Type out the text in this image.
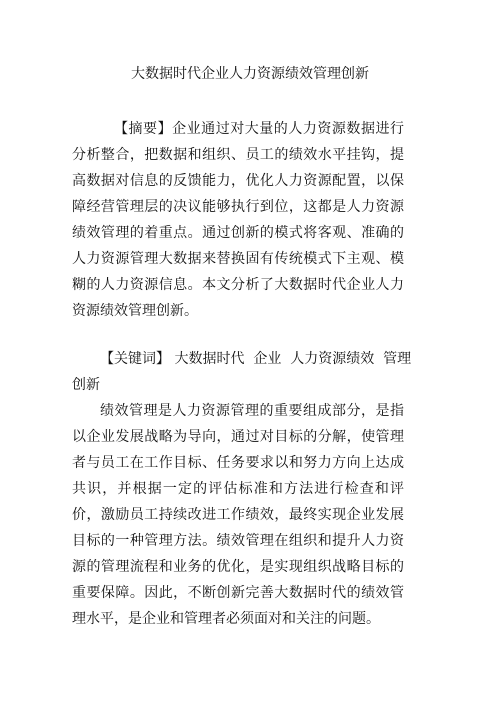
大数据时代企业人力资源绩效管理创新
【摘要】企业通过对大量的人力资源数据进行分析整合，把数据和组织、员工的绩效水平挂钩，提高数据对信息的反馈能力，优化人力资源配置，以保障经营管理层的决议能够执行到位，这都是人力资源绩效管理的着重点。通过创新的模式将客观、准确的人力资源管理大数据来替换固有传统模式下主观、模糊的人力资源信息。本文分析了大数据时代企业人力资源绩效管理创新。
【关键词】 大数据时代  企业  人力资源绩效  管理
创新
绩效管理是人力资源管理的重要组成部分，是指以企业发展战略为导向，通过对目标的分解，使管理者与员工在工作目标、任务要求以和努力方向上达成共识，并根据一定的评估标准和方法进行检查和评价，激励员工持续改进工作绩效，最终实现企业发展目标的一种管理方法。绩效管理在组织和提升人力资源的管理流程和业务的优化，是实现组织战略目标的重要保障。因此，不断创新完善大数据时代的绩效管理水平，是企业和管理者必须面对和关注的问题。
